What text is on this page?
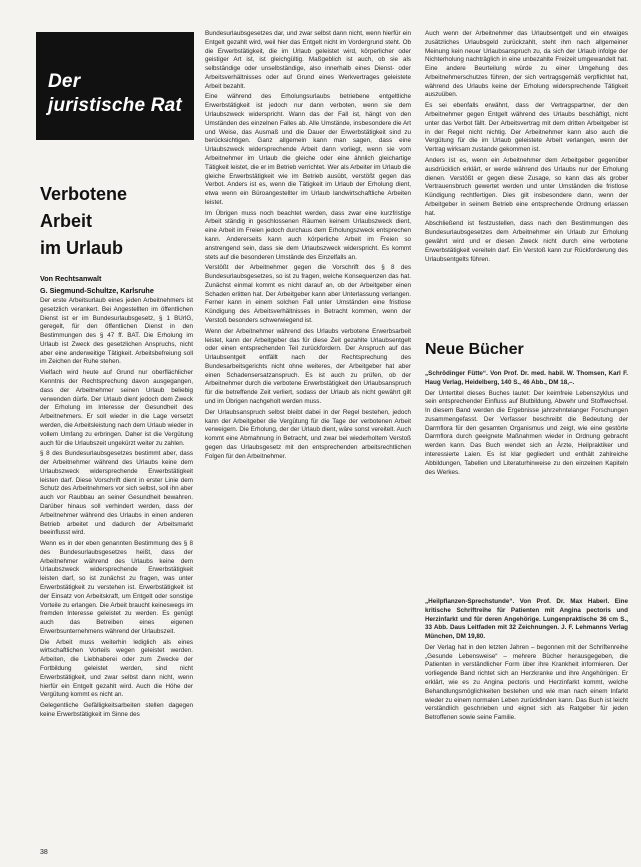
Der
juristische Rat
Verbotene
Arbeit
im Urlaub
Von Rechtsanwalt
G. Siegmund-Schultze, Karlsruhe

Der erste Arbeitsurlaub eines jeden Arbeitnehmers ist gesetzlich verankert. Bei Angestellten im öffentlichen Dienst ist er im Bundesurlaubsgesetz, § 1 BUrlG, geregelt, für den öffentlichen Dienst in den Bestimmungen des § 47 ff. BAT. Die Erholung im Urlaub ist Zweck des gesetzlichen Anspruchs, nicht aber eine anderweitige Tätigkeit. Arbeitsbefreiung soll im Zeichen der Ruhe stehen.

Vielfach wird heute auf Grund nur oberflächlicher Kenntnis der Rechtsprechung davon ausgegangen, dass der Arbeitnehmer seinen Urlaub beliebig verwenden dürfe. Der Urlaub dient jedoch dem Zweck der Erholung im Interesse der Gesundheit des Arbeitnehmers. Er soll wieder in die Lage versetzt werden, die Arbeitsleistung nach dem Urlaub wieder in vollem Umfang zu erbringen. Daher ist die Vergütung auch für die Urlaubszeit ungekürzt weiter zu zahlen.

§ 8 des Bundesurlaubsgesetzes bestimmt aber, dass der Arbeitnehmer während des Urlaubs keine dem Urlaubszweck widersprechende Erwerbstätigkeit leisten darf. Diese Vorschrift dient in erster Linie dem Schutz des Arbeitnehmers vor sich selbst, soll ihn aber auch vor Raubbau an seiner Gesundheit bewahren. Darüber hinaus soll verhindert werden, dass der Arbeitnehmer während des Urlaubs in einen anderen Betrieb arbeitet und dadurch der Arbeitsmarkt beeinflusst wird.

Wenn es in der eben genannten Bestimmung des § 8 des Bundesurlaubsgesetzes heißt, dass der Arbeitnehmer während des Urlaubs keine dem Urlaubszweck widersprechende Erwerbstätigkeit leisten darf, so ist zunächst zu fragen, was unter Erwerbstätigkeit zu verstehen ist. Erwerbstätigkeit ist der Einsatz von Arbeitskraft, um Entgelt oder sonstige Vorteile zu erlangen. Die Arbeit braucht keineswegs im fremden Interesse geleistet zu werden. Es genügt auch das Betreiben eines eigenen Erwerbsunternehmens während der Urlaubszeit.

Die Arbeit muss weiterhin lediglich als eines wirtschaftlichen Vorteils wegen geleistet werden. Arbeiten, die Liebhaberei oder zum Zwecke der Fortbildung geleistet werden, sind nicht Erwerbstätigkeit, und zwar selbst dann nicht, wenn hierfür ein Entgelt gezahlt wird. Auch die Höhe der Vergütung kommt es nicht an.

Gelegentliche Gefälligkeitsarbeiten stellen dagegen keine Erwerbstätigkeit im Sinne des

Bundesurlaubsgesetzes dar, und zwar selbst dann nicht, wenn hierfür ein Entgelt gezahlt wird, weil hier das Entgelt nicht im Vordergrund steht. Ob die Erwerbstätigkeit, die im Urlaub geleistet wird, körperlicher oder geistiger Art ist, ist gleichgültig. Maßgeblich ist auch, ob sie als selbständige oder unselbständige, also innerhalb eines Dienst- oder Arbeitsverhältnisses oder auf Grund eines Werkvertrages geleistete Arbeit bezahlt.

Eine während des Erholungsurlaubs betriebene entgeltliche Erwerbstätigkeit ist jedoch nur dann verboten, wenn sie dem Urlaubszweck widerspricht. Wann das der Fall ist, hängt von den Umständen des einzelnen Falles ab. Alle Umstände, insbesondere die Art und Weise, das Ausmaß und die Dauer der Erwerbstätigkeit sind zu berücksichtigen. Ganz allgemein kann man sagen, dass eine Urlaubszweck widersprechende Arbeit dann vorliegt, wenn sie vom Arbeitnehmer im Urlaub die gleiche oder eine ähnlich gleichartige Tätigkeit leistet, die er im Betrieb verrichtet. Wer als Arbeiter im Urlaub die gleiche Erwerbstätigkeit wie im Betrieb ausübt, verstößt gegen das Verbot. Anders ist es, wenn die Tätigkeit im Urlaub der Erholung dient, etwa wenn ein Büroangestellter im Urlaub landwirtschaftliche Arbeiten leistet.

Im Übrigen muss noch beachtet werden, dass zwar eine kurzfristige Arbeit ständig in geschlossenen Räumen keinem Urlaubszweck dient, eine Arbeit im Freien jedoch durchaus dem Erholungszweck entsprechen kann. Andererseits kann auch körperliche Arbeit im Freien so anstrengend sein, dass sie dem Urlaubszweck widerspricht. Es kommt stets auf die besonderen Umstände des Einzelfalls an.

Verstößt der Arbeitnehmer gegen die Vorschrift des § 8 des Bundesurlaubsgesetzes, so ist zu fragen, welche Konsequenzen das hat. Zunächst einmal kommt es nicht darauf an, ob der Arbeitgeber einen Schaden erlitten hat. Der Arbeitgeber kann aber Unterlassung verlangen. Ferner kann in einem solchen Fall unter Umständen eine fristlose Kündigung des Arbeitsverhältnisses in Betracht kommen, wenn der Verstoß besonders schwerwiegend ist.

Wenn der Arbeitnehmer während des Urlaubs verbotene Erwerbsarbeit leistet, kann der Arbeitgeber das für diese Zeit gezahlte Urlaubsentgelt oder einen entsprechenden Teil zurückfordern. Der Anspruch auf das Urlaubsentgelt entfällt nach der Rechtsprechung des Bundesarbeitsgerichts nicht ohne weiteres, der Arbeitgeber hat aber einen Schadensersatzanspruch. Es ist auch zu prüfen, ob der Arbeitnehmer durch die verbotene Erwerbstätigkeit den Urlaubsanspruch für die betreffende Zeit verliert, sodass der Urlaub als nicht gewährt gilt und im Übrigen nachgeholt werden muss.

Der Urlaubsanspruch selbst bleibt dabei in der Regel bestehen, jedoch kann der Arbeitgeber die Vergütung für die Tage der verbotenen Arbeit verweigern. Die Erholung, der der Urlaub dient, wäre sonst vereitelt. Auch kommt eine Abmahnung in Betracht, und zwar bei wiederholtem Verstoß gegen das Urlaubsgesetz mit den entsprechenden arbeitsrechtlichen Folgen für den Arbeitnehmer.

Auch wenn der Arbeitnehmer das Urlaubsentgelt und ein etwaiges zusätzliches Urlaubsgeld zurückzahlt, steht ihm nach allgemeiner Meinung kein neuer Urlaubsanspruch zu, da sich der Urlaub infolge der Nichterholung nachträglich in eine unbezahlte Freizeit umgewandelt hat. Eine andere Beurteilung würde zu einer Umgehung des Arbeitnehmerschutzes führen, der sich vertragsgemäß verpflichtet hat, während des Urlaubs keine der Erholung widersprechende Tätigkeit auszuüben.

Es sei ebenfalls erwähnt, dass der Vertragspartner, der den Arbeitnehmer gegen Entgelt während des Urlaubs beschäftigt, nicht unter das Verbot fällt. Der Arbeitsvertrag mit dem dritten Arbeitgeber ist in der Regel nicht nichtig. Der Arbeitnehmer kann also auch die Vergütung für die im Urlaub geleistete Arbeit verlangen, wenn der Vertrag wirksam zustande gekommen ist.

Anders ist es, wenn ein Arbeitnehmer dem Arbeitgeber gegenüber ausdrücklich erklärt, er werde während des Urlaubs nur der Erholung dienen. Verstößt er gegen diese Zusage, so kann das als grober Vertrauensbruch gewertet werden und unter Umständen die fristlose Kündigung rechtfertigen. Dies gilt insbesondere dann, wenn der Arbeitgeber in seinem Betrieb eine entsprechende Ordnung erlassen hat.

Abschließend ist festzustellen, dass nach den Bestimmungen des Bundesurlaubsgesetzes dem Arbeitnehmer ein Urlaub zur Erholung gewährt wird und er diesen Zweck nicht durch eine verbotene Erwerbstätigkeit vereiteln darf. Ein Verstoß kann zur Rückforderung des Urlaubsentgelts führen.

Neue Bücher

„Schrödinger Fütte“. Von Prof. Dr. med. habil. W. Thomsen, Karl F. Haug Verlag, Heidelberg, 140 S., 46 Abb., DM 18,–.

Der Untertitel dieses Buches lautet: Der keimfreie Lebenszyklus und sein entsprechender Einfluss auf Blutbildung, Abwehr und Stoffwechsel. In diesem Band werden die Ergebnisse jahrzehntelanger Forschungen zusammengefasst. Der Verfasser beschreibt die Bedeutung der Darmflora für den gesamten Organismus und zeigt, wie eine gestörte Darmflora durch geeignete Maßnahmen wieder in Ordnung gebracht werden kann. Das Buch wendet sich an Ärzte, Heilpraktiker und interessierte Laien. Es ist klar gegliedert und enthält zahlreiche Abbildungen, Tabellen und Literaturhinweise zu den einzelnen Kapiteln des Werkes.

„Heilpflanzen-Sprechstunde“. Von Prof. Dr. Max Haberl. Eine kritische Schriftreihe für Patienten mit Angina pectoris und Herzinfarkt und für deren Angehörige. Lungenpraktische 36 cm S., 33 Abb. Daus Leitfaden mit 32 Zeichnungen. J. F. Lehmanns Verlag München, DM 19,80.

Der Verlag hat in den letzten Jahren – begonnen mit der Schriftenreihe „Gesunde Lebensweise“ – mehrere Bücher herausgegeben, die Patienten in verständlicher Form über ihre Krankheit informieren. Der vorliegende Band richtet sich an Herzkranke und ihre Angehörigen. Er erklärt, wie es zu Angina pectoris und Herzinfarkt kommt, welche Behandlungsmöglichkeiten bestehen und wie man nach einem Infarkt wieder zu einem normalen Leben zurückfinden kann. Das Buch ist leicht verständlich geschrieben und eignet sich als Ratgeber für jeden Betroffenen sowie seine Familie.

38
